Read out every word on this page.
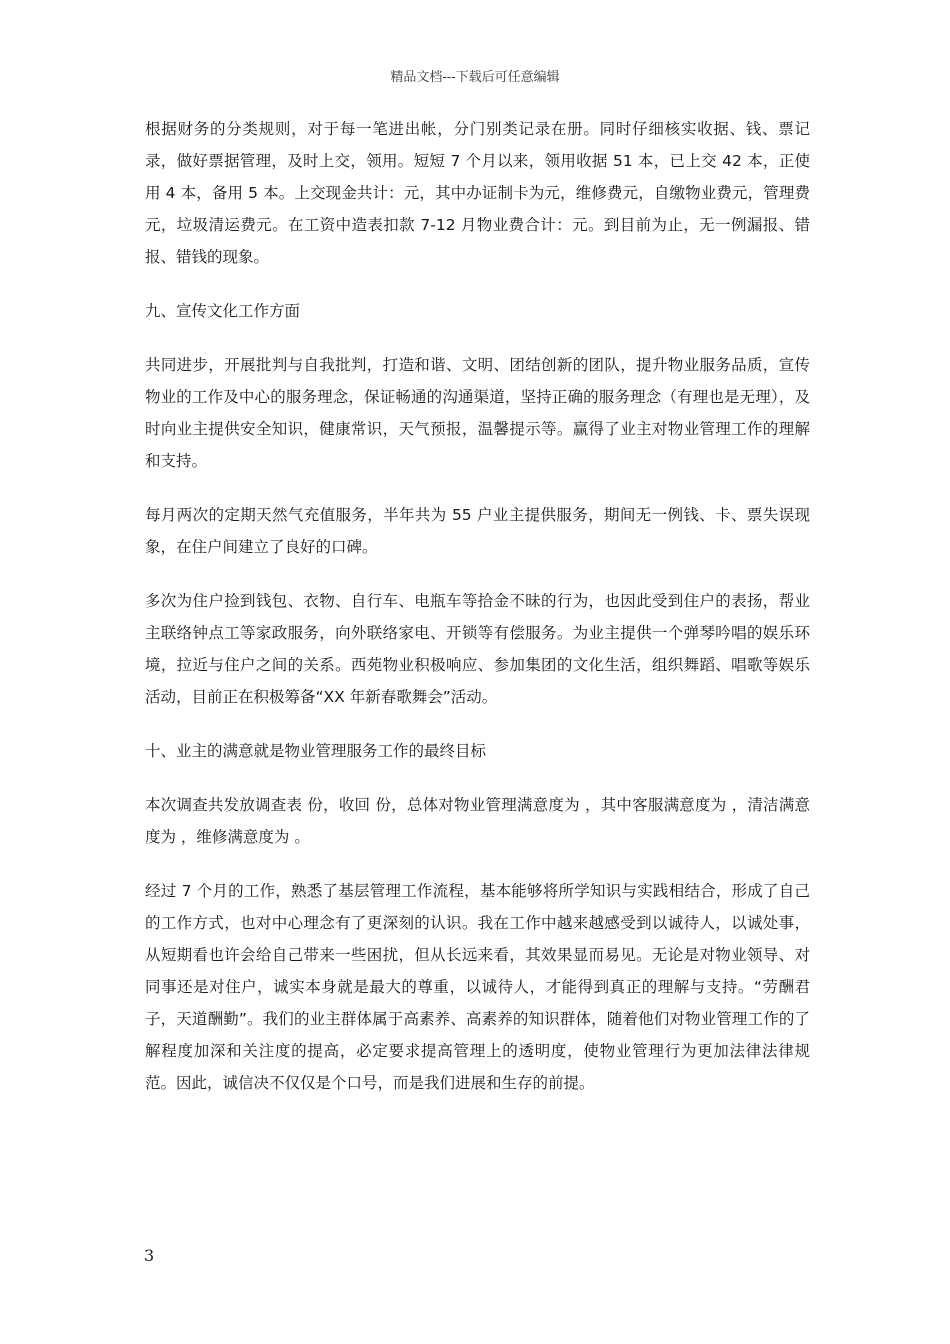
精品文档---下载后可任意编辑

根据财务的分类规则，对于每一笔进出帐，分门别类记录在册。同时仔细核实收据、钱、票记录，做好票据管理，及时上交，领用。短短 7 个月以来，领用收据 51 本，已上交 42 本，正使用 4 本，备用 5 本。上交现金共计：元，其中办证制卡为元，维修费元，自缴物业费元，管理费元，垃圾清运费元。在工资中造表扣款 7-12 月物业费合计：元。到目前为止，无一例漏报、错报、错钱的现象。

九、宣传文化工作方面

共同进步，开展批判与自我批判，打造和谐、文明、团结创新的团队，提升物业服务品质，宣传物业的工作及中心的服务理念，保证畅通的沟通渠道，坚持正确的服务理念（有理也是无理），及时向业主提供安全知识，健康常识，天气预报，温馨提示等。赢得了业主对物业管理工作的理解和支持。

每月两次的定期天然气充值服务，半年共为 55 户业主提供服务，期间无一例钱、卡、票失误现象，在住户间建立了良好的口碑。

多次为住户捡到钱包、衣物、自行车、电瓶车等拾金不昧的行为，也因此受到住户的表扬，帮业主联络钟点工等家政服务，向外联络家电、开锁等有偿服务。为业主提供一个弹琴吟唱的娱乐环境，拉近与住户之间的关系。西苑物业积极响应、参加集团的文化生活，组织舞蹈、唱歌等娱乐活动，目前正在积极筹备“XX 年新春歌舞会”活动。

十、业主的满意就是物业管理服务工作的最终目标

本次调查共发放调查表 份，收回 份，总体对物业管理满意度为 ，其中客服满意度为 ，清洁满意度为 ，维修满意度为 。

经过 7 个月的工作，熟悉了基层管理工作流程，基本能够将所学知识与实践相结合，形成了自己的工作方式，也对中心理念有了更深刻的认识。我在工作中越来越感受到以诚待人，以诚处事，从短期看也许会给自己带来一些困扰，但从长远来看，其效果显而易见。无论是对物业领导、对同事还是对住户，诚实本身就是最大的尊重，以诚待人，才能得到真正的理解与支持。“劳酬君子，天道酬勤”。我们的业主群体属于高素养、高素养的知识群体，随着他们对物业管理工作的了解程度加深和关注度的提高，必定要求提高管理上的透明度，使物业管理行为更加法律法律规范。因此，诚信决不仅仅是个口号，而是我们进展和生存的前提。

3
